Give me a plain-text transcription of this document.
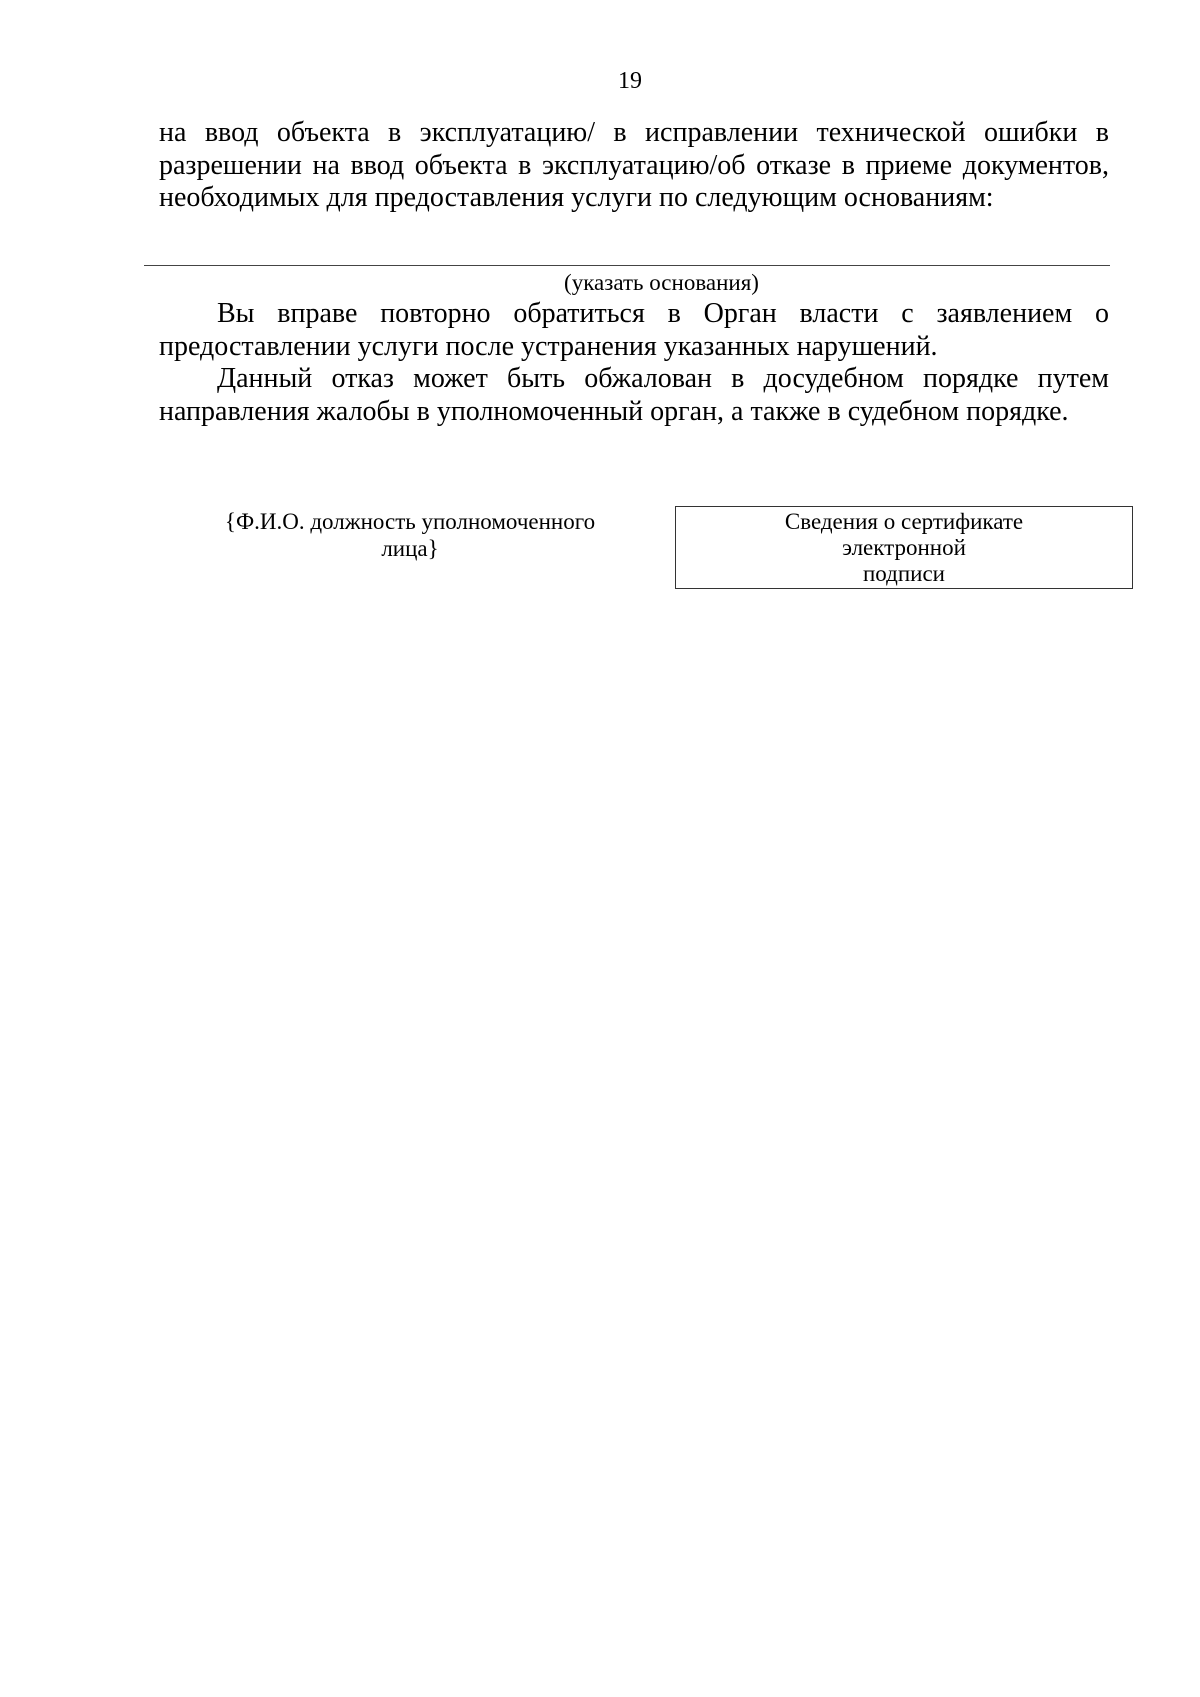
19
на ввод объекта в эксплуатацию/ в исправлении технической ошибки в разрешении на ввод объекта в эксплуатацию/об отказе в приеме документов, необходимых для предоставления услуги по следующим основаниям:
(указать основания)
Вы вправе повторно обратиться в Орган власти с заявлением о предоставлении услуги после устранения указанных нарушений.
Данный отказ может быть обжалован в досудебном порядке путем направления жалобы в уполномоченный орган, а также в судебном порядке.
{Ф.И.О. должность уполномоченного
лица}
Сведения о сертификате
электронной
подписи
